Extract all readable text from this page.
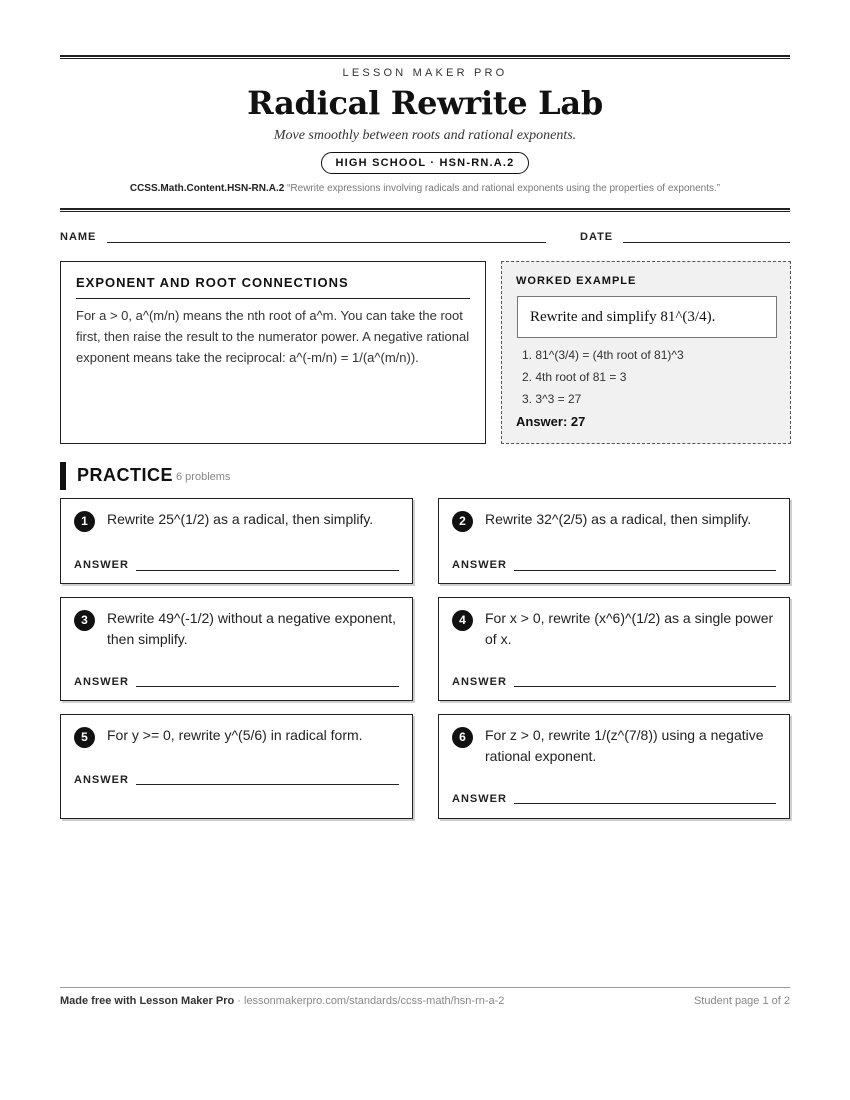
LESSON MAKER PRO
Radical Rewrite Lab
Move smoothly between roots and rational exponents.
HIGH SCHOOL · HSN-RN.A.2
CCSS.Math.Content.HSN-RN.A.2 “Rewrite expressions involving radicals and rational exponents using the properties of exponents.”
NAME	DATE
EXPONENT AND ROOT CONNECTIONS
For a > 0, a^(m/n) means the nth root of a^m. You can take the root first, then raise the result to the numerator power. A negative rational exponent means take the reciprocal: a^(-m/n) = 1/(a^(m/n)).
WORKED EXAMPLE
Rewrite and simplify 81^(3/4).
1. 81^(3/4) = (4th root of 81)^3
2. 4th root of 81 = 3
3. 3^3 = 27
Answer: 27
PRACTICE 6 problems
1	Rewrite 25^(1/2) as a radical, then simplify.
ANSWER
2	Rewrite 32^(2/5) as a radical, then simplify.
ANSWER
3	Rewrite 49^(-1/2) without a negative exponent, then simplify.
ANSWER
4	For x > 0, rewrite (x^6)^(1/2) as a single power of x.
ANSWER
5	For y >= 0, rewrite y^(5/6) in radical form.
ANSWER
6	For z > 0, rewrite 1/(z^(7/8)) using a negative rational exponent.
ANSWER
Made free with Lesson Maker Pro · lessonmakerpro.com/standards/ccss-math/hsn-rn-a-2	Student page 1 of 2
